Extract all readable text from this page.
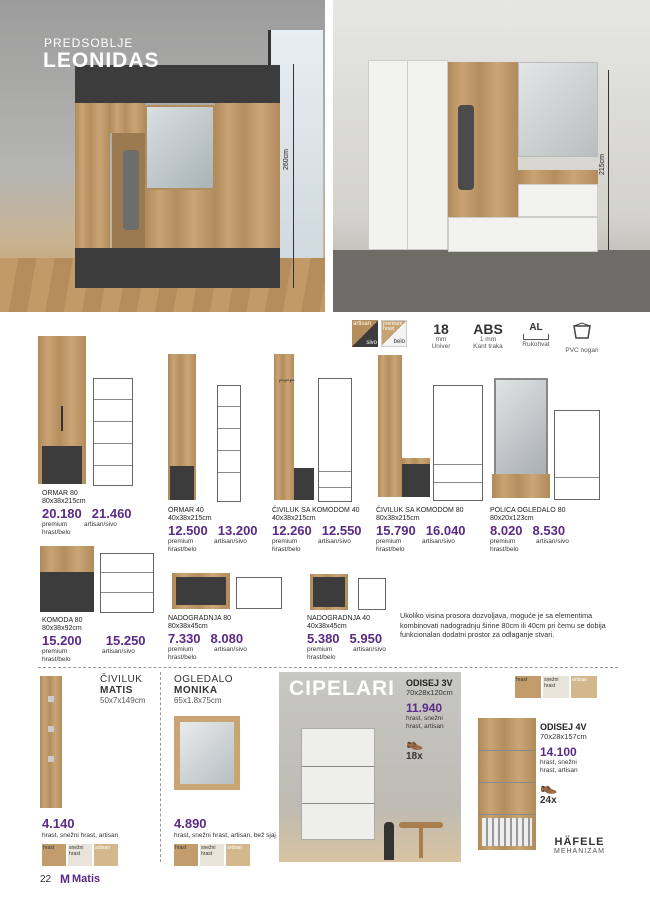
260cm
PREDSOBLJE
LEONIDAS
215cm
artisan
sivo
premium hrast
belo
18
mm
Univer
ABS
1 mm
Kant traka
AL
Rukohvat
PVC nogari
ORMAR 80
80x38x215cm
20.180 21.460
premium hrast/belo
artisan/sivo
ORMAR 40
40x38x215cm
12.500 13.200
premium hrast/belo
artisan/sivo
⌐⌐⌐
ČIVILUK SA KOMODOM 40
40x38x215cm
12.260 12.550
premium hrast/belo
artisan/sivo
ČIVILUK SA KOMODOM 80
80x38x215cm
15.790 16.040
premium hrast/belo
artisan/sivo
POLICA OGLEDALO 80
80x20x123cm
8.020 8.530
premium hrast/belo
artisan/sivo
KOMODA 80
80x38x92cm
15.200 15.250
premium hrast/belo
artisan/sivo
NADOGRADNJA 80
80x38x45cm
7.330 8.080
premium hrast/belo
artisan/sivo
NADOGRADNJA 40
40x38x45cm
5.380 5.950
premium hrast/belo
artisan/sivo
Ukoliko visina prosora dozvoljava, moguće je sa elementima kombinovati nadogradnju širine 80cm ili 40cm pri čemu se dobija funkcionalan dodatni prostor za odlaganje stvari.
ČIVILUK
MATIS
50x7x149cm
4.140
hrast, snežni hrast, artisan
hrast	snežni hrast
artisan
OGLEDALO
MONIKA
65x1.8x75cm
4.890
hrast, snežni hrast, artisan, bež sjaj
hrast	snežni hrast
artisan
CIPELARI ODISEJ 3V
70x28x120cm
11.940
hrast, snežni hrast, artisan
👞
18x
hrast	snežni hrast
artisan
ODISEJ 4V
70x28x157cm
14.100
hrast, snežni hrast, artisan
👞
24x
HÄFELE
MEHANIZAM
22 M Matis
